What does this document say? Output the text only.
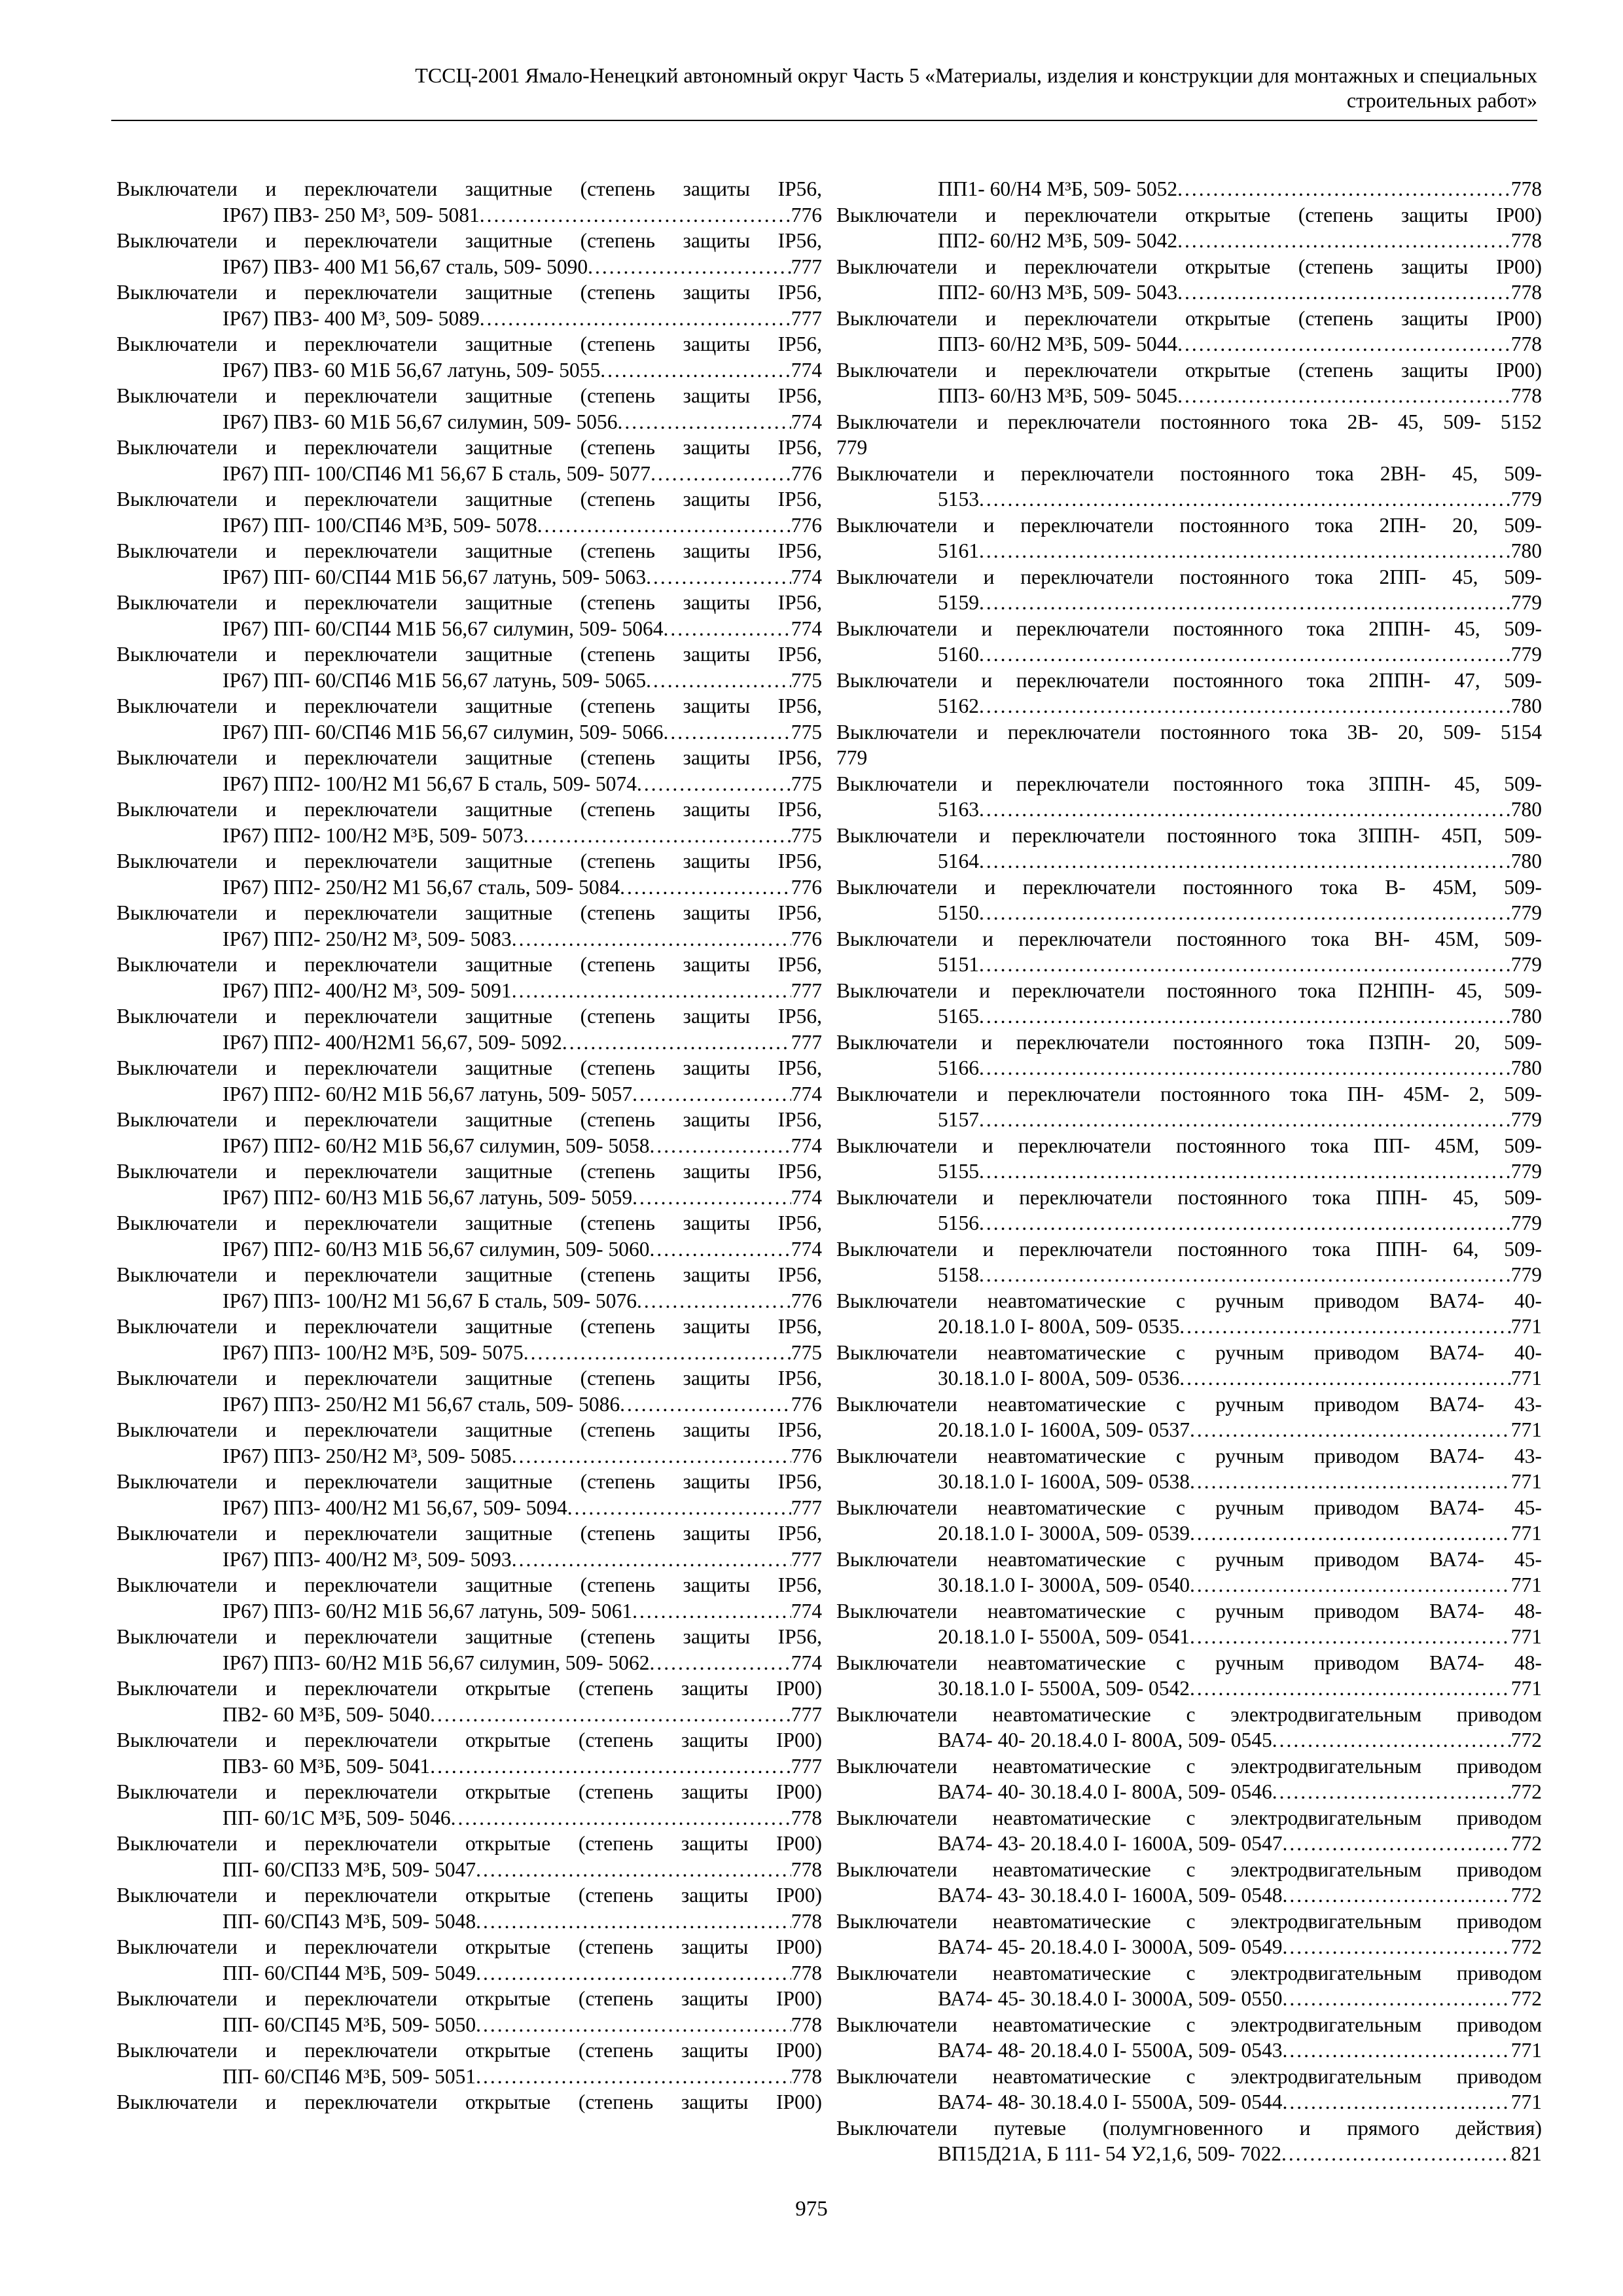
ТССЦ-2001 Ямало-Ненецкий автономный округ Часть 5 «Материалы, изделия и конструкции для монтажных и специальных
строительных работ»
Выключатели и переключатели защитные (степень защиты IP56,
IP67) ПВЗ- 250 М³, 509- 5081 .....	776
Выключатели и переключатели защитные (степень защиты IP56,
IP67) ПВЗ- 400 М1 56,67 сталь, 509- 5090 .....	777
Выключатели и переключатели защитные (степень защиты IP56,
IP67) ПВЗ- 400 М³, 509- 5089 .....	777
Выключатели и переключатели защитные (степень защиты IP56,
IP67) ПВЗ- 60 М1Б 56,67 латунь, 509- 5055 .....	774
Выключатели и переключатели защитные (степень защиты IP56,
IP67) ПВЗ- 60 М1Б 56,67 силумин, 509- 5056 .....	774
Выключатели и переключатели защитные (степень защиты IP56,
IP67) ПП- 100/СП46 М1 56,67 Б сталь, 509- 5077 .....	776
Выключатели и переключатели защитные (степень защиты IP56,
IP67) ПП- 100/СП46 М³Б, 509- 5078 .....	776
Выключатели и переключатели защитные (степень защиты IP56,
IP67) ПП- 60/СП44 М1Б 56,67 латунь, 509- 5063 .....	774
Выключатели и переключатели защитные (степень защиты IP56,
IP67) ПП- 60/СП44 М1Б 56,67 силумин, 509- 5064 .....	774
Выключатели и переключатели защитные (степень защиты IP56,
IP67) ПП- 60/СП46 М1Б 56,67 латунь, 509- 5065 .....	775
Выключатели и переключатели защитные (степень защиты IP56,
IP67) ПП- 60/СП46 М1Б 56,67 силумин, 509- 5066 .....	775
Выключатели и переключатели защитные (степень защиты IP56,
IP67) ПП2- 100/Н2 М1 56,67 Б сталь, 509- 5074 .....	775
Выключатели и переключатели защитные (степень защиты IP56,
IP67) ПП2- 100/Н2 М³Б, 509- 5073 .....	775
Выключатели и переключатели защитные (степень защиты IP56,
IP67) ПП2- 250/Н2 М1 56,67 сталь, 509- 5084 .....	776
Выключатели и переключатели защитные (степень защиты IP56,
IP67) ПП2- 250/Н2 М³, 509- 5083 .....	776
Выключатели и переключатели защитные (степень защиты IP56,
IP67) ПП2- 400/Н2 М³, 509- 5091 .....	777
Выключатели и переключатели защитные (степень защиты IP56,
IP67) ПП2- 400/Н2М1 56,67, 509- 5092 .....	777
Выключатели и переключатели защитные (степень защиты IP56,
IP67) ПП2- 60/Н2 М1Б 56,67 латунь, 509- 5057 .....	774
Выключатели и переключатели защитные (степень защиты IP56,
IP67) ПП2- 60/Н2 М1Б 56,67 силумин, 509- 5058 .....	774
Выключатели и переключатели защитные (степень защиты IP56,
IP67) ПП2- 60/Н3 М1Б 56,67 латунь, 509- 5059 .....	774
Выключатели и переключатели защитные (степень защиты IP56,
IP67) ПП2- 60/Н3 М1Б 56,67 силумин, 509- 5060 .....	774
Выключатели и переключатели защитные (степень защиты IP56,
IP67) ПП3- 100/Н2 М1 56,67 Б сталь, 509- 5076 .....	776
Выключатели и переключатели защитные (степень защиты IP56,
IP67) ПП3- 100/Н2 М³Б, 509- 5075 .....	775
Выключатели и переключатели защитные (степень защиты IP56,
IP67) ПП3- 250/Н2 М1 56,67 сталь, 509- 5086 .....	776
Выключатели и переключатели защитные (степень защиты IP56,
IP67) ПП3- 250/Н2 М³, 509- 5085 .....	776
Выключатели и переключатели защитные (степень защиты IP56,
IP67) ПП3- 400/Н2 М1 56,67, 509- 5094 .....	777
Выключатели и переключатели защитные (степень защиты IP56,
IP67) ПП3- 400/Н2 М³, 509- 5093 .....	777
Выключатели и переключатели защитные (степень защиты IP56,
IP67) ПП3- 60/Н2 М1Б 56,67 латунь, 509- 5061 .....	774
Выключатели и переключатели защитные (степень защиты IP56,
IP67) ПП3- 60/Н2 М1Б 56,67 силумин, 509- 5062 .....	774
Выключатели и переключатели открытые (степень защиты IP00)
ПВ2- 60 М³Б, 509- 5040 .....	777
Выключатели и переключатели открытые (степень защиты IP00)
ПВЗ- 60 М³Б, 509- 5041 .....	777
Выключатели и переключатели открытые (степень защиты IP00)
ПП- 60/1С М³Б, 509- 5046 .....	778
Выключатели и переключатели открытые (степень защиты IP00)
ПП- 60/СП33 М³Б, 509- 5047 .....	778
Выключатели и переключатели открытые (степень защиты IP00)
ПП- 60/СП43 М³Б, 509- 5048 .....	778
Выключатели и переключатели открытые (степень защиты IP00)
ПП- 60/СП44 М³Б, 509- 5049 .....	778
Выключатели и переключатели открытые (степень защиты IP00)
ПП- 60/СП45 М³Б, 509- 5050 .....	778
Выключатели и переключатели открытые (степень защиты IP00)
ПП- 60/СП46 М³Б, 509- 5051 .....	778
Выключатели и переключатели открытые (степень защиты IP00)
ПП1- 60/Н4 М³Б, 509- 5052 .....	778
Выключатели и переключатели открытые (степень защиты IP00)
ПП2- 60/Н2 М³Б, 509- 5042 .....	778
Выключатели и переключатели открытые (степень защиты IP00)
ПП2- 60/Н3 М³Б, 509- 5043 .....	778
Выключатели и переключатели открытые (степень защиты IP00)
ПП3- 60/Н2 М³Б, 509- 5044 .....	778
Выключатели и переключатели открытые (степень защиты IP00)
ПП3- 60/Н3 М³Б, 509- 5045 .....	778
Выключатели и переключатели постоянного тока 2В- 45, 509- 5152
779
Выключатели и переключатели постоянного тока 2ВН- 45, 509-
5153 .....	779
Выключатели и переключатели постоянного тока 2ПН- 20, 509-
5161 .....	780
Выключатели и переключатели постоянного тока 2ПП- 45, 509-
5159 .....	779
Выключатели и переключатели постоянного тока 2ППН- 45, 509-
5160 .....	779
Выключатели и переключатели постоянного тока 2ППН- 47, 509-
5162 .....	780
Выключатели и переключатели постоянного тока 3В- 20, 509- 5154
779
Выключатели и переключатели постоянного тока 3ППН- 45, 509-
5163 .....	780
Выключатели и переключатели постоянного тока 3ППН- 45П, 509-
5164 .....	780
Выключатели и переключатели постоянного тока В- 45М, 509-
5150 .....	779
Выключатели и переключатели постоянного тока ВН- 45М, 509-
5151 .....	779
Выключатели и переключатели постоянного тока П2НПН- 45, 509-
5165 .....	780
Выключатели и переключатели постоянного тока П3ПН- 20, 509-
5166 .....	780
Выключатели и переключатели постоянного тока ПН- 45М- 2, 509-
5157 .....	779
Выключатели и переключатели постоянного тока ПП- 45М, 509-
5155 .....	779
Выключатели и переключатели постоянного тока ППН- 45, 509-
5156 .....	779
Выключатели и переключатели постоянного тока ППН- 64, 509-
5158 .....	779
Выключатели неавтоматические с ручным приводом ВА74- 40-
20.18.1.0 I- 800А, 509- 0535 .....	771
Выключатели неавтоматические с ручным приводом ВА74- 40-
30.18.1.0 I- 800А, 509- 0536 .....	771
Выключатели неавтоматические с ручным приводом ВА74- 43-
20.18.1.0 I- 1600А, 509- 0537 .....	771
Выключатели неавтоматические с ручным приводом ВА74- 43-
30.18.1.0 I- 1600А, 509- 0538 .....	771
Выключатели неавтоматические с ручным приводом ВА74- 45-
20.18.1.0 I- 3000А, 509- 0539 .....	771
Выключатели неавтоматические с ручным приводом ВА74- 45-
30.18.1.0 I- 3000А, 509- 0540 .....	771
Выключатели неавтоматические с ручным приводом ВА74- 48-
20.18.1.0 I- 5500А, 509- 0541 .....	771
Выключатели неавтоматические с ручным приводом ВА74- 48-
30.18.1.0 I- 5500А, 509- 0542 .....	771
Выключатели неавтоматические с электродвигательным приводом
ВА74- 40- 20.18.4.0 I- 800А, 509- 0545 .....	772
Выключатели неавтоматические с электродвигательным приводом
ВА74- 40- 30.18.4.0 I- 800А, 509- 0546 .....	772
Выключатели неавтоматические с электродвигательным приводом
ВА74- 43- 20.18.4.0 I- 1600А, 509- 0547 .....	772
Выключатели неавтоматические с электродвигательным приводом
ВА74- 43- 30.18.4.0 I- 1600А, 509- 0548 .....	772
Выключатели неавтоматические с электродвигательным приводом
ВА74- 45- 20.18.4.0 I- 3000А, 509- 0549 .....	772
Выключатели неавтоматические с электродвигательным приводом
ВА74- 45- 30.18.4.0 I- 3000А, 509- 0550 .....	772
Выключатели неавтоматические с электродвигательным приводом
ВА74- 48- 20.18.4.0 I- 5500А, 509- 0543 .....	771
Выключатели неавтоматические с электродвигательным приводом
ВА74- 48- 30.18.4.0 I- 5500А, 509- 0544 .....	771
Выключатели путевые (полумгновенного и прямого действия)
ВП15Д21А, Б 111- 54 У2,1,6, 509- 7022 .....	821
975
